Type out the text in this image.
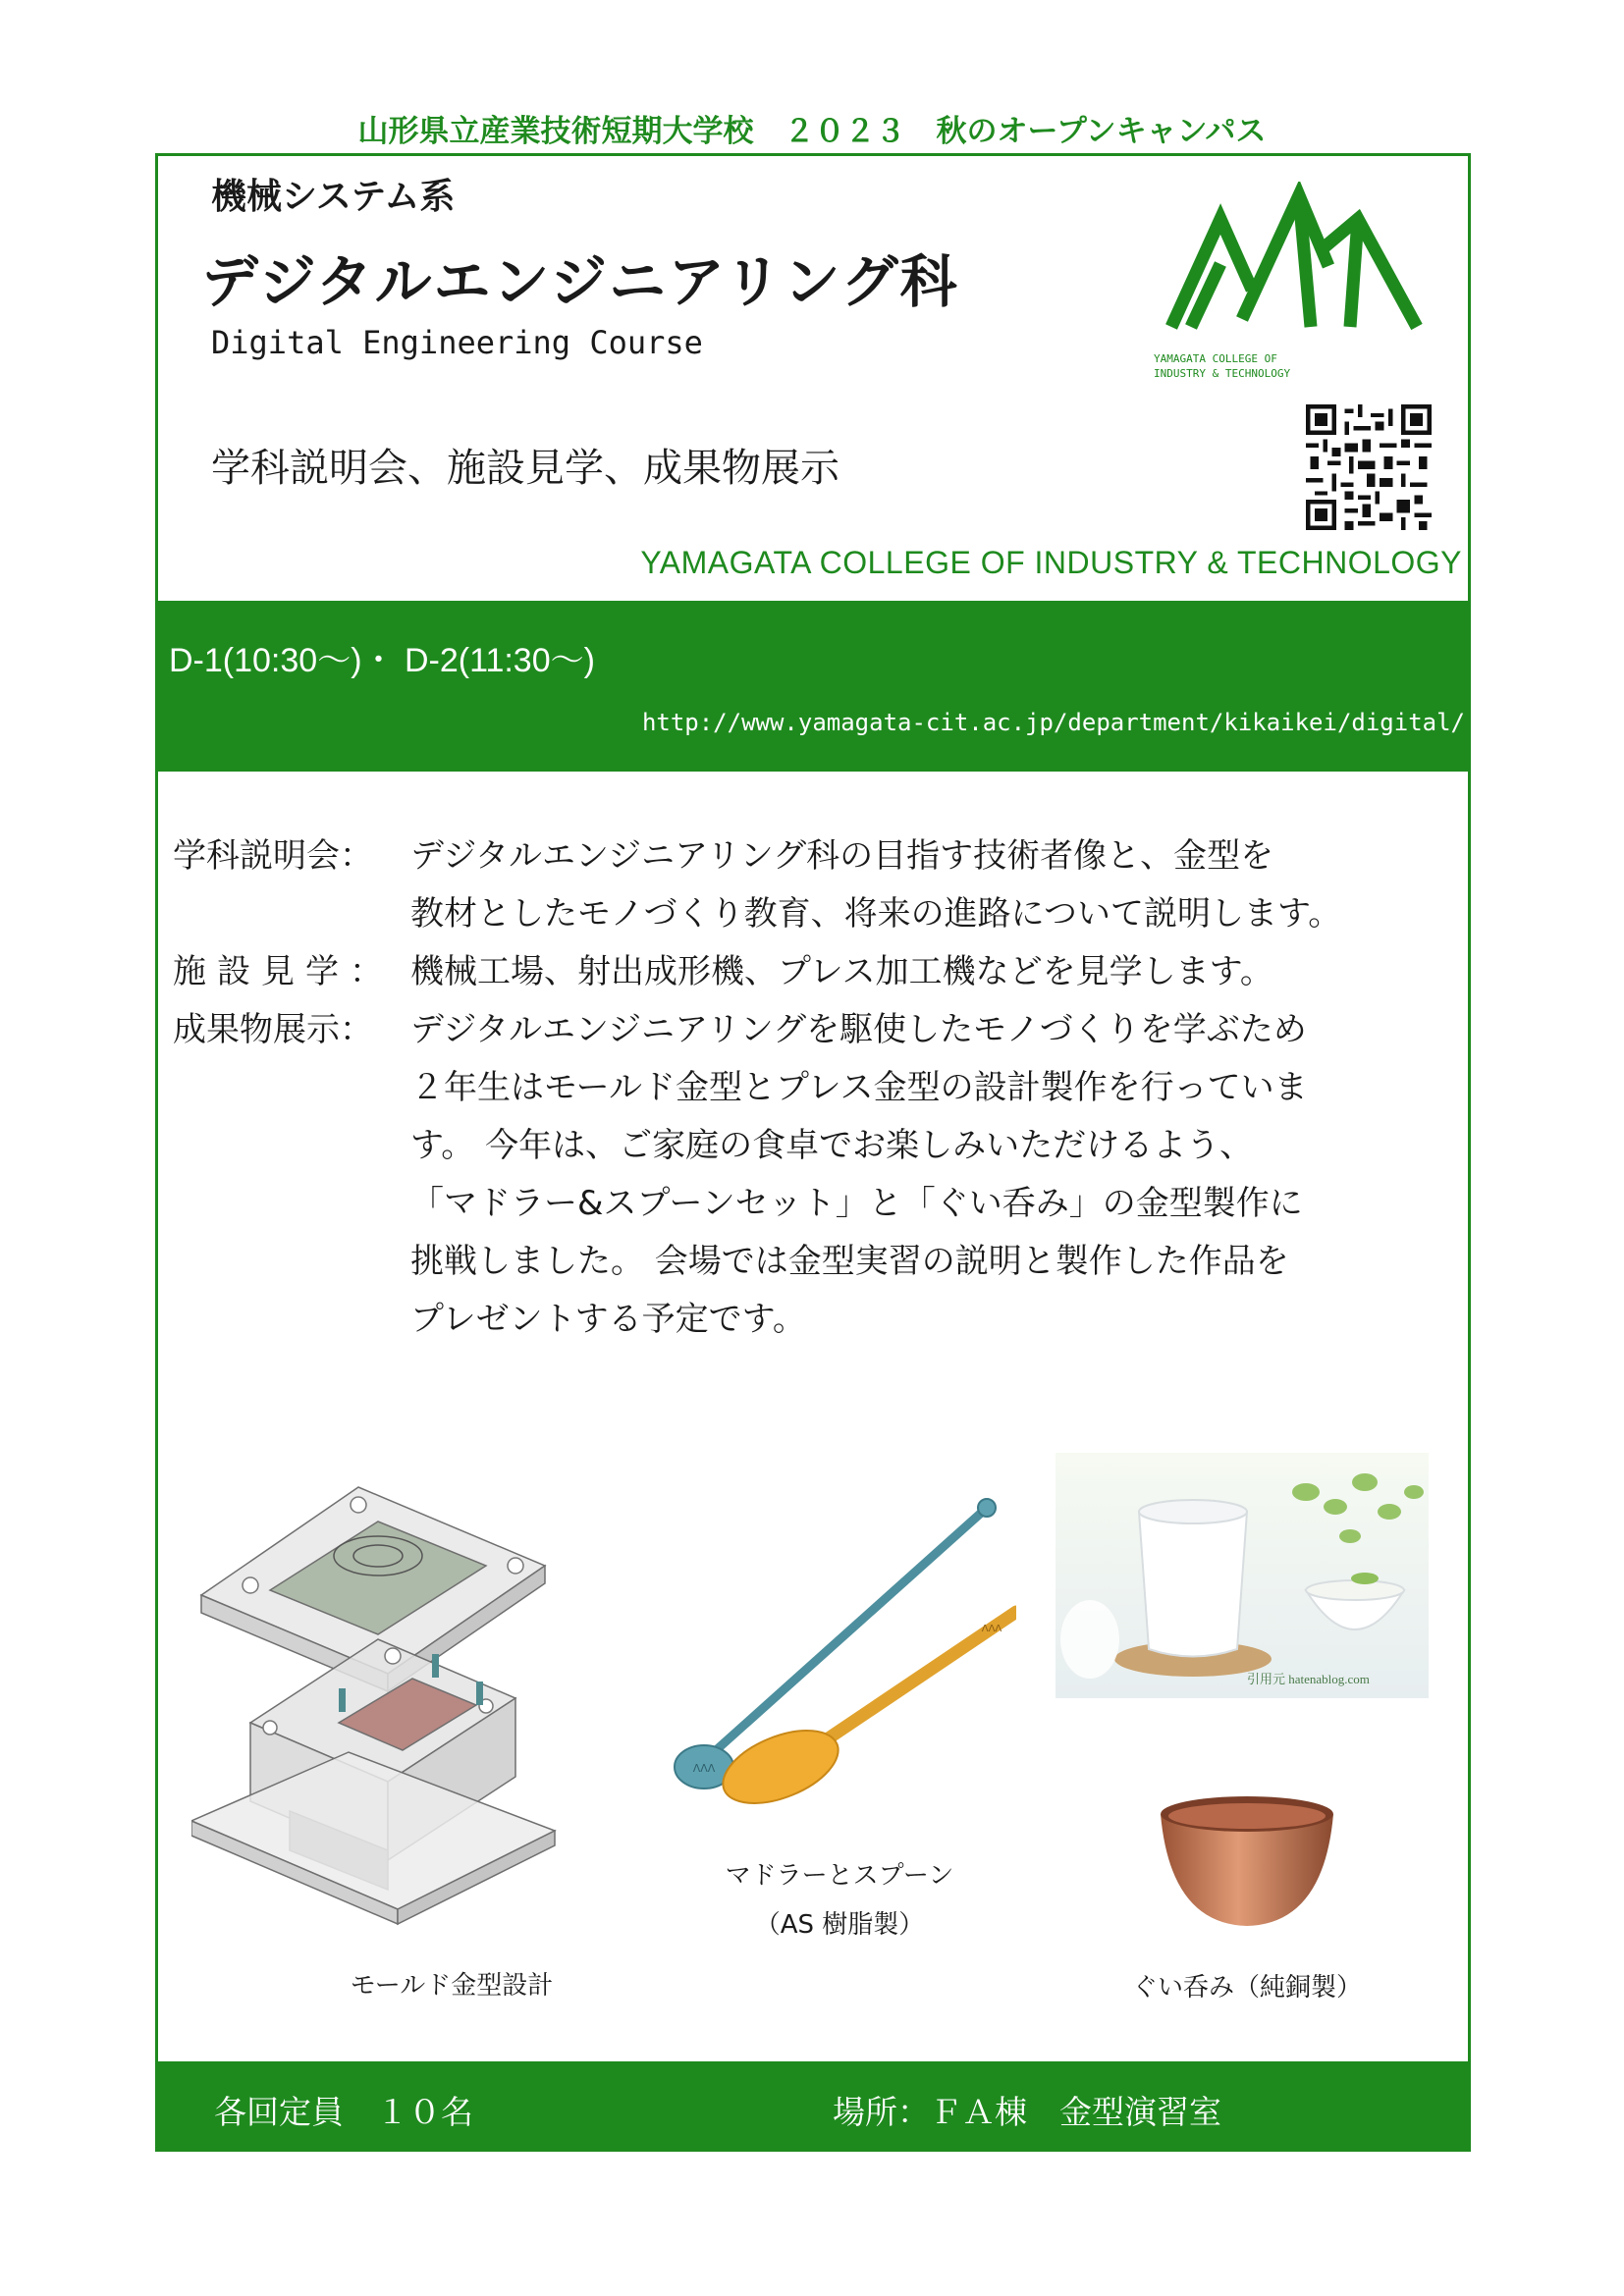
山形県立産業技術短期大学校　２０２３　秋のオープンキャンパス
機械システム系
デジタルエンジニアリング科
Digital Engineering Course
学科説明会、施設見学、成果物展示
YAMAGATA COLLEGE OF
INDUSTRY & TECHNOLOGY
YAMAGATA COLLEGE OF INDUSTRY & TECHNOLOGY
D-1(10:30～)・ D-2(11:30～)
http://www.yamagata-cit.ac.jp/department/kikaikei/digital/
学科説明会：	デジタルエンジニアリング科の目指す技術者像と、金型を
教材としたモノづくり教育、将来の進路について説明します。
施設見学： 機械工場、射出成形機、プレス加工機などを見学します。
成果物展示：	デジタルエンジニアリングを駆使したモノづくりを学ぶため
２年生はモールド金型とプレス金型の設計製作を行っていま
す。 今年は、ご家庭の食卓でお楽しみいただけるよう、
「マドラー&スプーンセット」と「ぐい呑み」の金型製作に
挑戦しました。 会場では金型実習の説明と製作した作品を
プレゼントする予定です。
モールド金型設計
ΛΛΛ
ΛΛΛ
マドラーとスプーン
（AS 樹脂製）
引用元 hatenablog.com
ぐい呑み（純銅製）
各回定員　１０名	場所：ＦＡ棟　金型演習室
